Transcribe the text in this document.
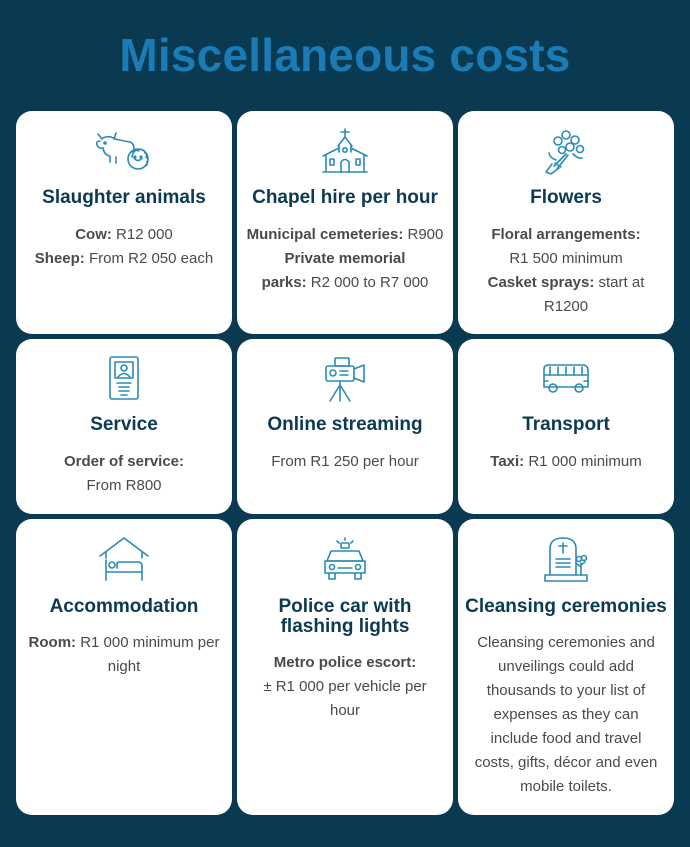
Miscellaneous costs
Slaughter animals
Cow: R12 000
Sheep: From R2 050 each
Chapel hire per hour
Municipal cemeteries: R900
Private memorial
parks: R2 000 to R7 000
Flowers
Floral arrangements:
R1 500 minimum
Casket sprays: start at
R1200
Service
Order of service:
From R800
Online streaming
From R1 250 per hour
Transport
Taxi: R1 000 minimum
Accommodation
Room: R1 000 minimum per
night
Police car with
flashing lights
Metro police escort:
± R1 000 per vehicle per
hour
Cleansing ceremonies
Cleansing ceremonies and
unveilings could add
thousands to your list of
expenses as they can
include food and travel
costs, gifts, décor and even
mobile toilets.
